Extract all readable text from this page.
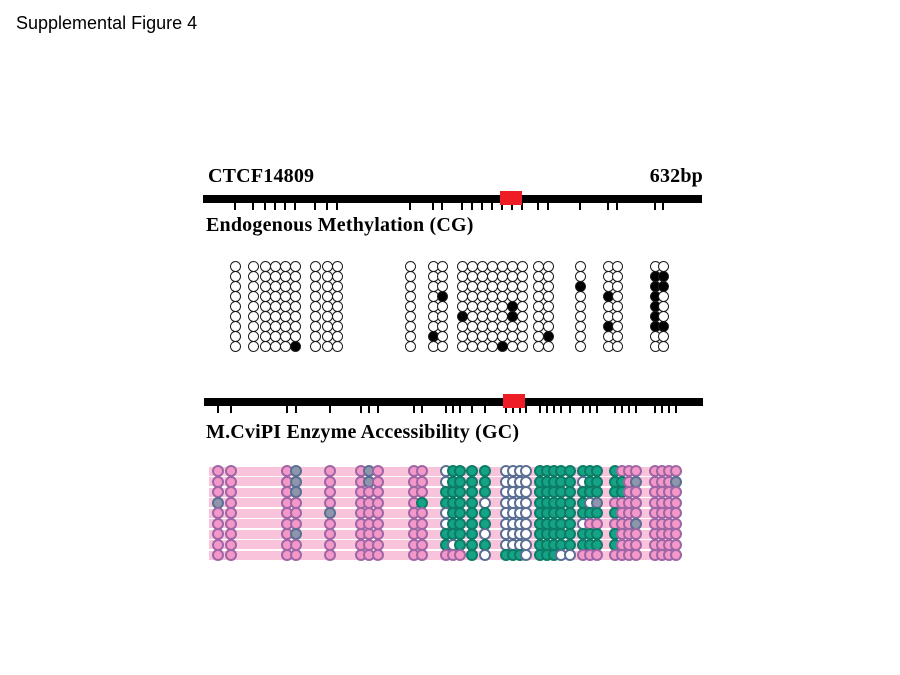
Supplemental Figure 4
CTCF14809	632bp
Endogenous Methylation (CG)
M.CviPI Enzyme Accessibility (GC)
